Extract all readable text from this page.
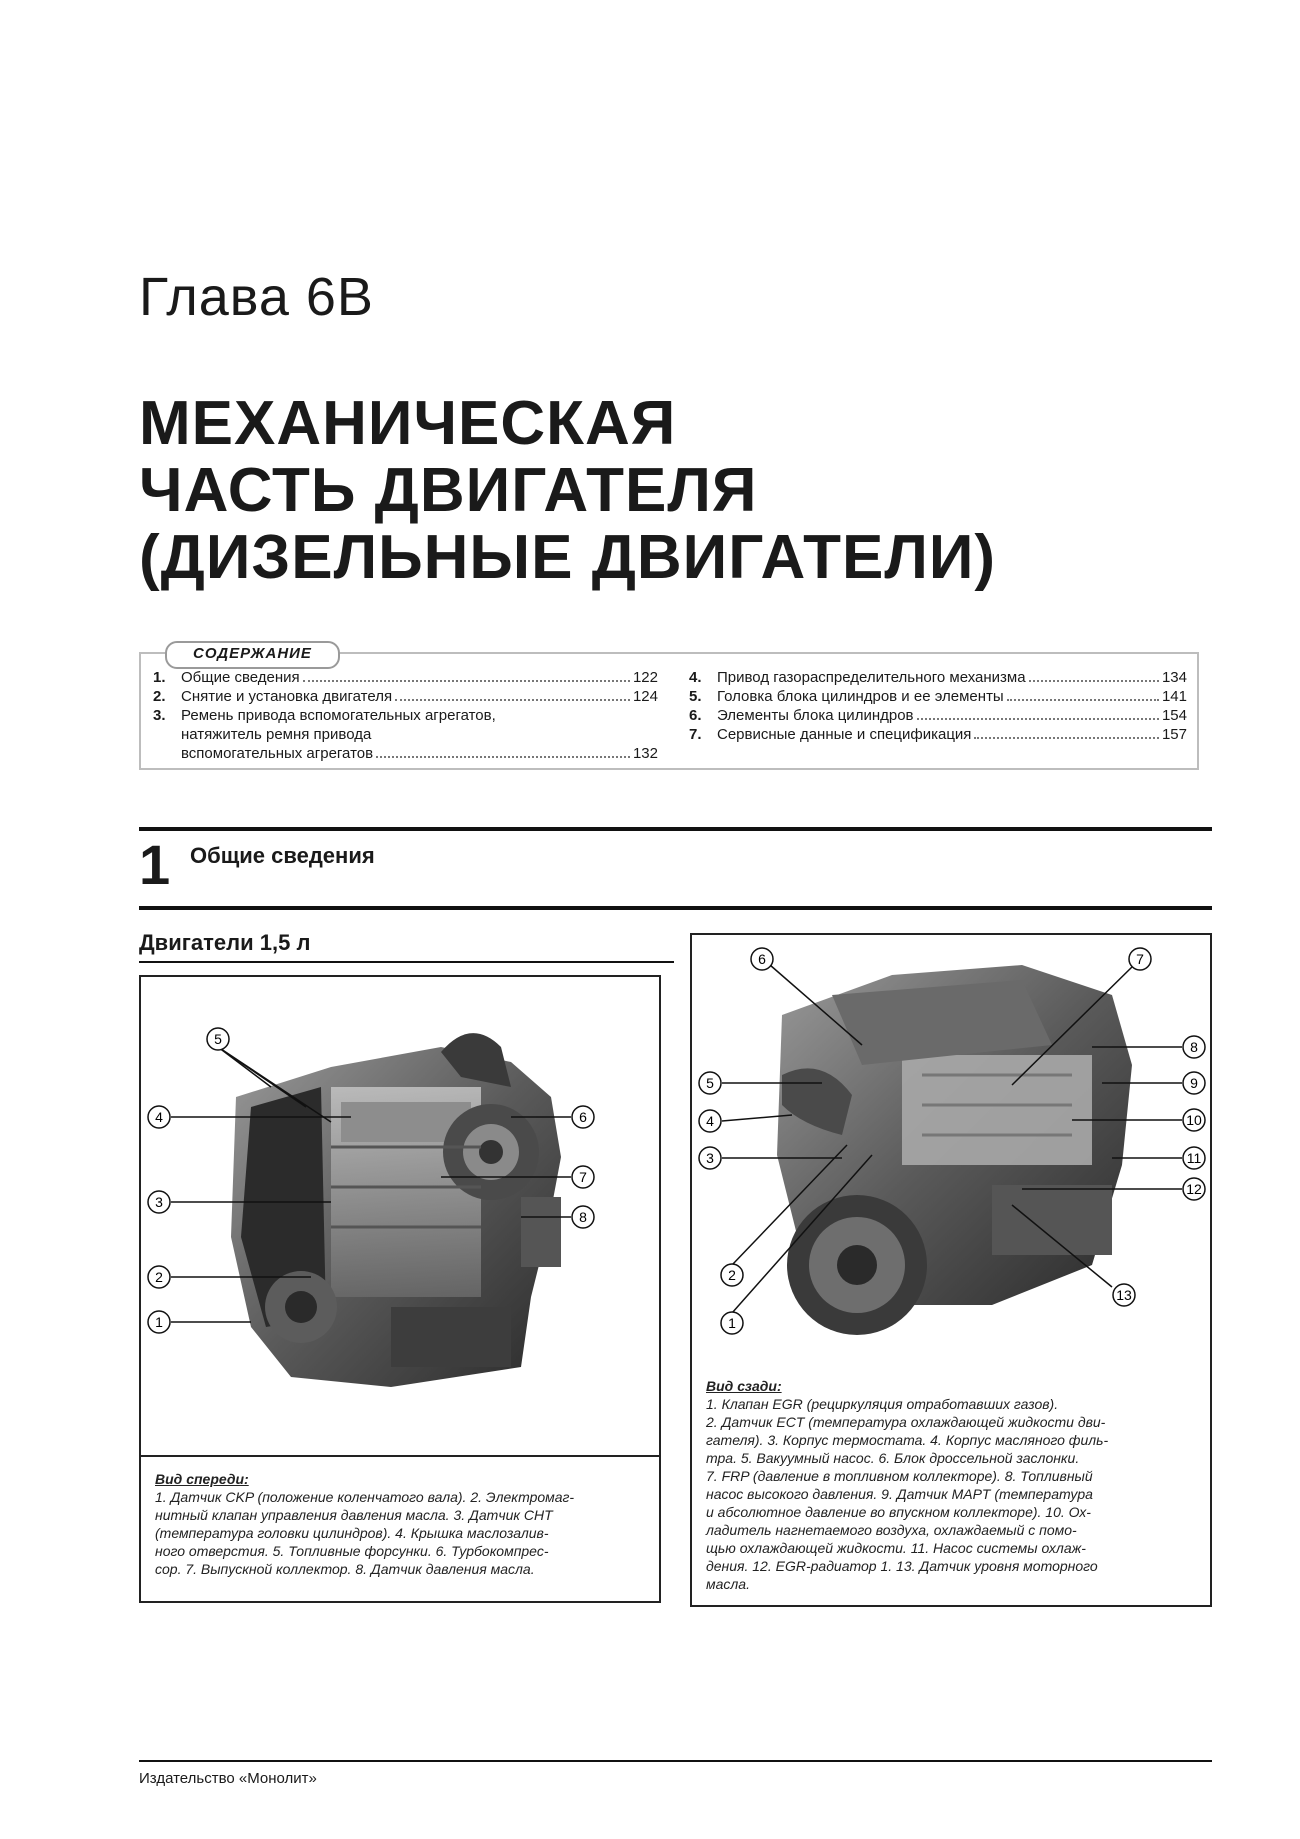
Глава 6В
МЕХАНИЧЕСКАЯ
ЧАСТЬ ДВИГАТЕЛЯ
(ДИЗЕЛЬНЫЕ ДВИГАТЕЛИ)
СОДЕРЖАНИЕ
1.	Общие сведения	122
2.	Снятие и установка двигателя	124
3.	Ремень привода вспомогательных агрегатов,
натяжитель ремня привода
вспомогательных агрегатов	132
4.	Привод газораспределительного механизма	134
5.	Головка блока цилиндров и ее элементы	141
6.	Элементы блока цилиндров	154
7.	Сервисные данные и спецификация	157
1 Общие сведения
Двигатели 1,5 л
1
2
3
4
5
6
7
8
Вид спереди:
1. Датчик CKP (положение коленчатого вала). 2. Электромаг-
нитный клапан управления давления масла. 3. Датчик CHT
(температура головки цилиндров). 4. Крышка маслозалив-
ного отверстия. 5. Топливные форсунки. 6. Турбокомпрес-
сор. 7. Выпускной коллектор. 8. Датчик давления масла.
1
2
3
4
5
6	7
8
9
10
11
12
13
Вид сзади:
1. Клапан EGR (рециркуляция отработавших газов).
2. Датчик ECT (температура охлаждающей жидкости дви-
гателя). 3. Корпус термостата. 4. Корпус масляного филь-
тра. 5. Вакуумный насос. 6. Блок дроссельной заслонки.
7. FRP (давление в топливном коллекторе). 8. Топливный
насос высокого давления. 9. Датчик MAPT (температура
и абсолютное давление во впускном коллекторе). 10. Ох-
ладитель нагнетаемого воздуха, охлаждаемый с помо-
щью охлаждающей жидкости. 11. Насос системы охлаж-
дения. 12. EGR-радиатор 1. 13. Датчик уровня моторного
масла.
Издательство «Монолит»
